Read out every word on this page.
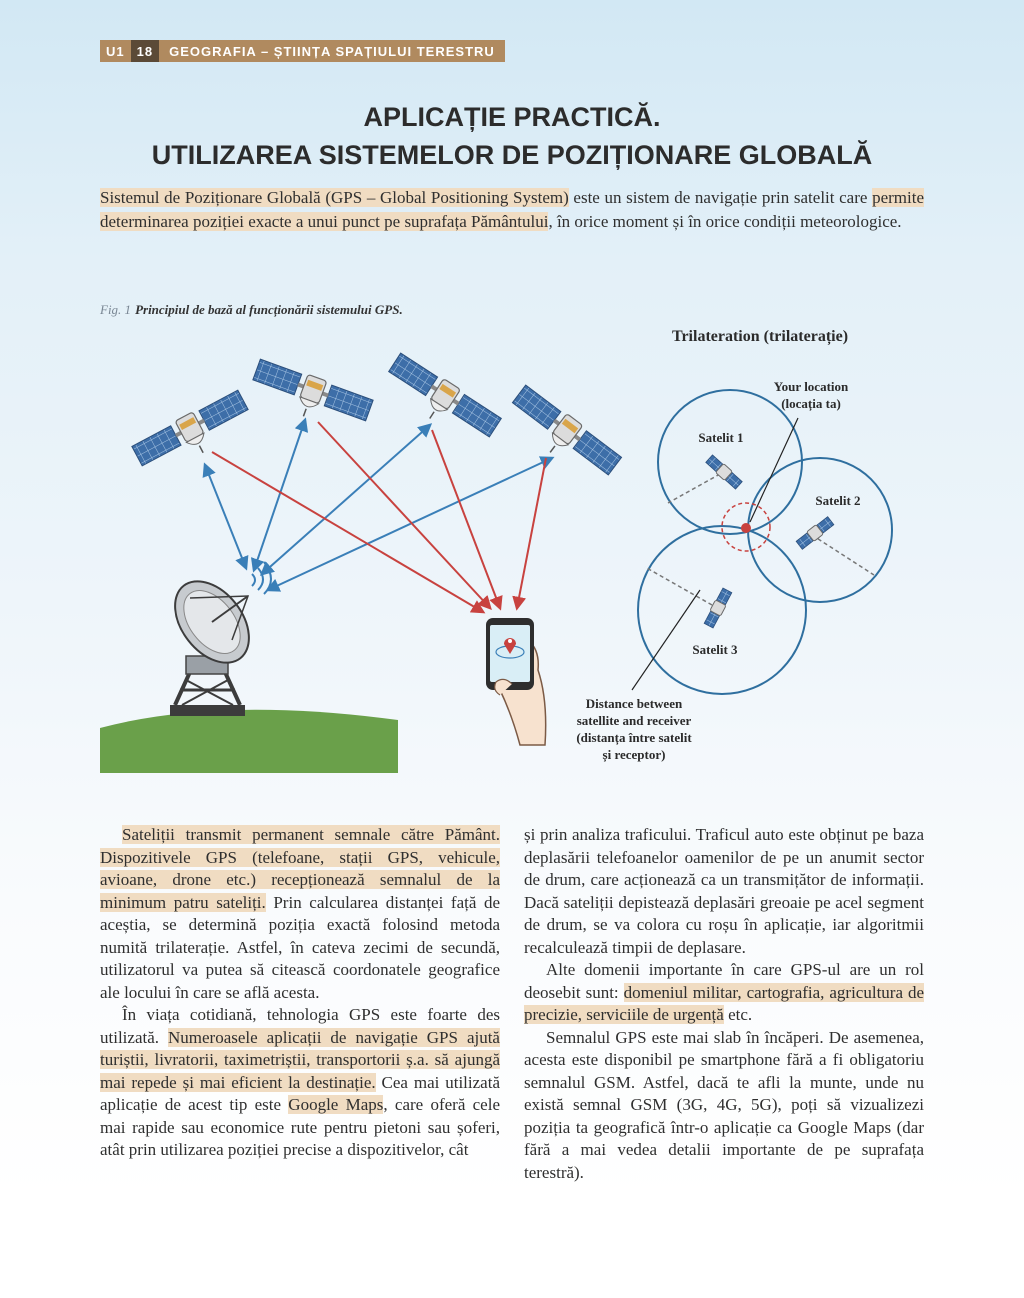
U1 18	GEOGRAFIA – ȘTIINȚA SPAȚIULUI TERESTRU
APLICAȚIE PRACTICĂ.
UTILIZAREA SISTEMELOR DE POZIȚIONARE GLOBALĂ

Sistemul de Poziționare Globală (GPS – Global Positioning System) este un sistem de navigație prin satelit care permite determinarea poziției exacte a unui punct pe suprafața Pământului, în orice moment și în orice condiții meteorologice.

Fig. 1 Principiul de bază al funcționării sistemului GPS.
Trilateration (trilaterație)
Your location
(locația ta)
Satelit 1
Satelit 2
Satelit 3
Distance between
satellite and receiver
(distanța între satelit
și receptor)

Sateliții transmit permanent semnale către Pământ. Dispozitivele GPS (telefoane, stații GPS, vehicule, avioane, drone etc.) recepționează semnalul de la minimum patru sateliți. Prin calcularea distanței față de aceștia, se determină poziția exactă folosind metoda numită trilaterație. Astfel, în cateva zecimi de secundă, utilizatorul va putea să citească coordonatele geografice ale locului în care se află acesta.

În viața cotidiană, tehnologia GPS este foarte des utilizată. Numeroasele aplicații de navigație GPS ajută turiștii, livratorii, taximetriștii, transportorii ș.a. să ajungă mai repede și mai eficient la destinație. Cea mai utilizată aplicație de acest tip este Google Maps, care oferă cele mai rapide sau economice rute pentru pietoni sau șoferi, atât prin utilizarea poziției precise a dispozitivelor, cât

și prin analiza traficului. Traficul auto este obținut pe baza deplasării telefoanelor oamenilor de pe un anumit sector de drum, care acționează ca un transmițător de informații. Dacă sateliții depistează deplasări greoaie pe acel segment de drum, se va colora cu roșu în aplicație, iar algoritmii recalculează timpii de deplasare.

Alte domenii importante în care GPS-ul are un rol deosebit sunt: domeniul militar, cartografia, agricultura de precizie, serviciile de urgență etc.

Semnalul GPS este mai slab în încăperi. De asemenea, acesta este disponibil pe smartphone fără a fi obligatoriu semnalul GSM. Astfel, dacă te afli la munte, unde nu există semnal GSM (3G, 4G, 5G), poți să vizualizezi poziția ta geografică într-o aplicație ca Google Maps (dar fără a mai vedea detalii importante de pe suprafața terestră).
